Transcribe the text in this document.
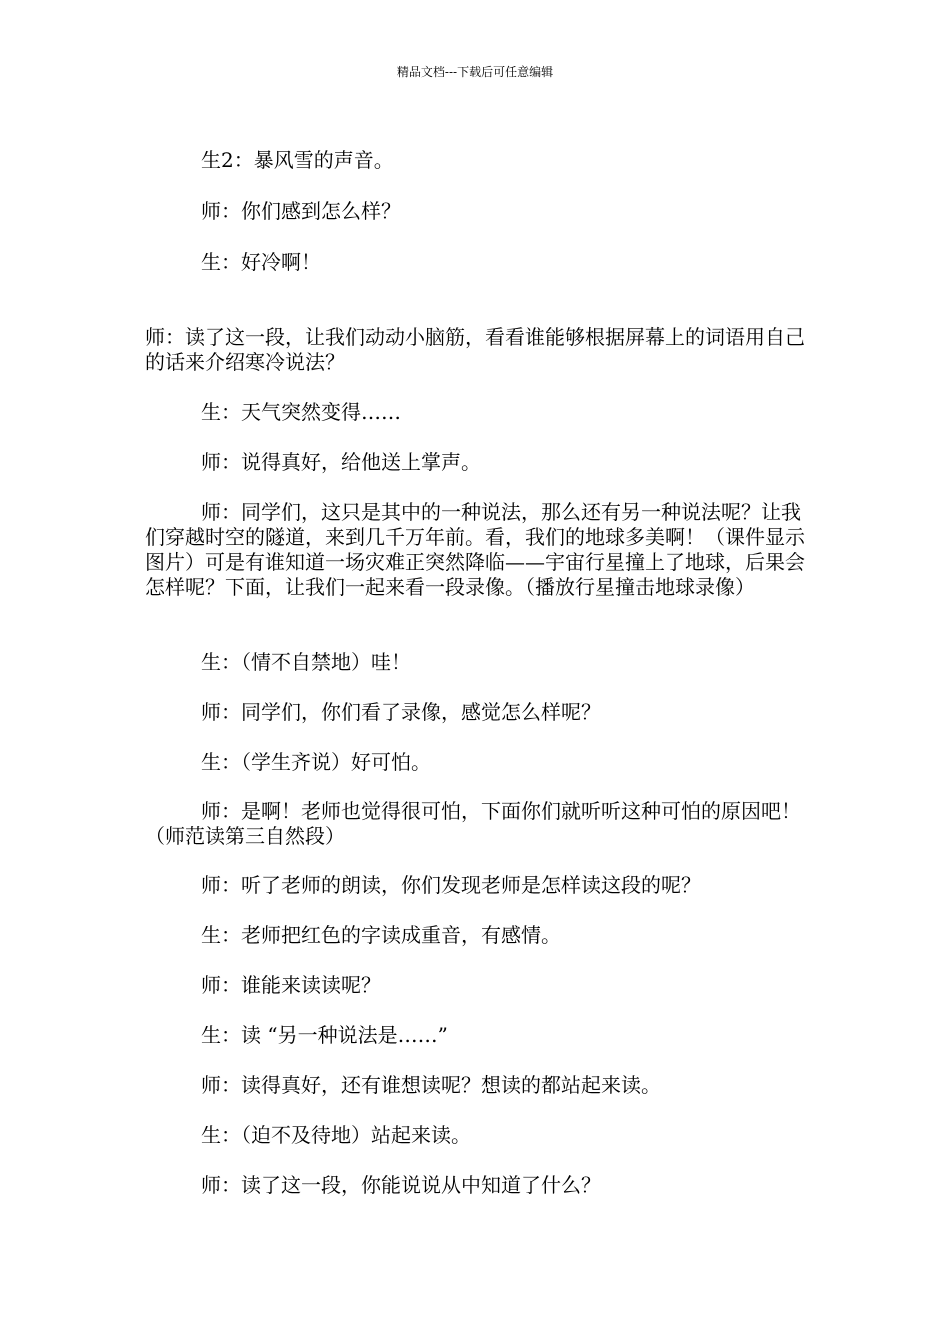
精品文档---下载后可任意编辑

生2：暴风雪的声音。

师：你们感到怎么样？

生：好冷啊！

师：读了这一段，让我们动动小脑筋，看看谁能够根据屏幕上的词语用自己的话来介绍寒冷说法？

生：天气突然变得……

师：说得真好，给他送上掌声。

师：同学们，这只是其中的一种说法，那么还有另一种说法呢？让我们穿越时空的隧道，来到几千万年前。看，我们的地球多美啊！（课件显示图片）可是有谁知道一场灾难正突然降临——宇宙行星撞上了地球，后果会怎样呢？下面，让我们一起来看一段录像。（播放行星撞击地球录像）

生：（情不自禁地）哇！

师：同学们，你们看了录像，感觉怎么样呢？

生：（学生齐说）好可怕。

师：是啊！老师也觉得很可怕，下面你们就听听这种可怕的原因吧！（师范读第三自然段）

师：听了老师的朗读，你们发现老师是怎样读这段的呢？

生：老师把红色的字读成重音，有感情。

师：谁能来读读呢？

生：读 “另一种说法是……”

师：读得真好，还有谁想读呢？想读的都站起来读。

生：（迫不及待地）站起来读。

师：读了这一段，你能说说从中知道了什么？
